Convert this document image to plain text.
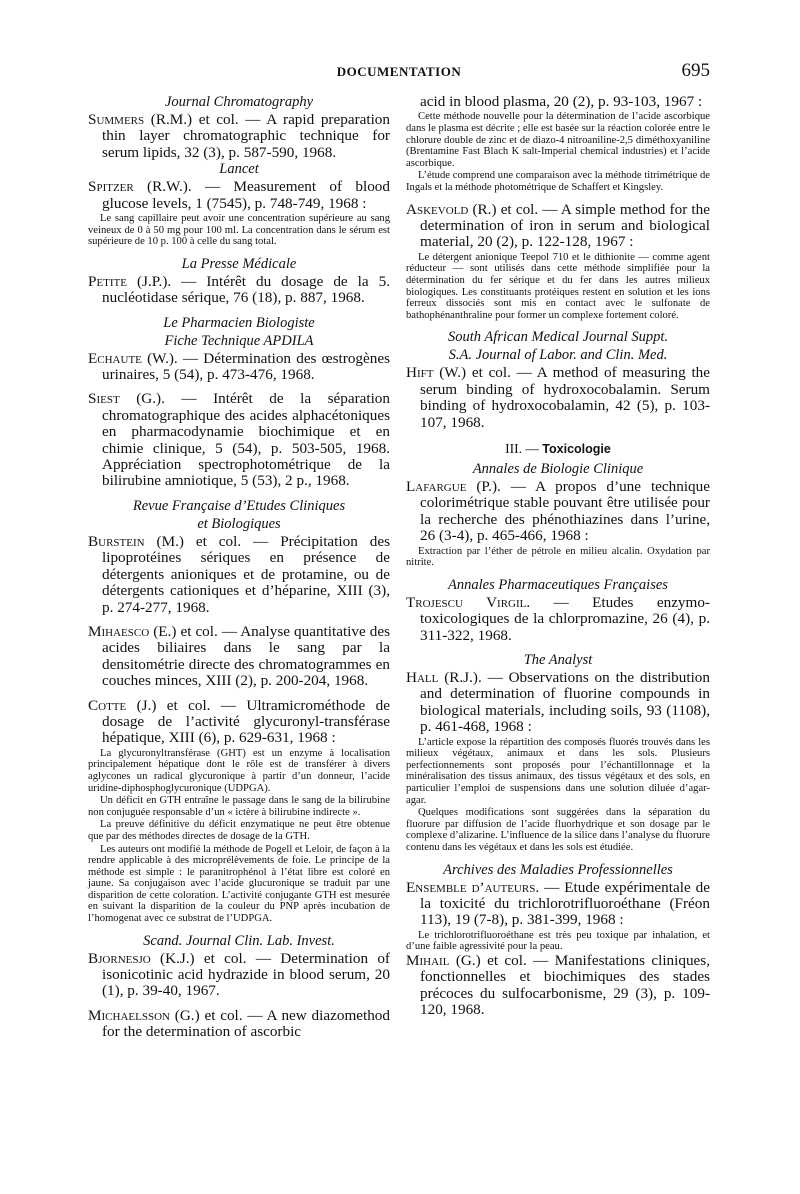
DOCUMENTATION	695
Journal Chromatography

Summers (R.M.) et col. — A rapid preparation thin layer chromatographic technique for serum lipids, 32 (3), p. 587-590, 1968.

Lancet

Spitzer (R.W.). — Measurement of blood glucose levels, 1 (7545), p. 748-749, 1968 :

Le sang capillaire peut avoir une concentration supérieure au sang veineux de 0 à 50 mg pour 100 ml. La concentration dans le sérum est supérieure de 10 p. 100 à celle du sang total.

La Presse Médicale

Petite (J.P.). — Intérêt du dosage de la 5. nucléotidase sérique, 76 (18), p. 887, 1968.

Le Pharmacien Biologiste
Fiche Technique APDILA

Echaute (W.). — Détermination des œstrogènes urinaires, 5 (54), p. 473-476, 1968.

Siest (G.). — Intérêt de la séparation chromatographique des acides alphacétoniques en pharmacodynamie biochimique et en chimie clinique, 5 (54), p. 503-505, 1968. Appréciation spectrophotométrique de la bilirubine amniotique, 5 (53), 2 p., 1968.

Revue Française d’Etudes Cliniques
et Biologiques

Burstein (M.) et col. — Précipitation des lipoprotéines sériques en présence de détergents anioniques et de protamine, ou de détergents cationiques et d’héparine, XIII (3), p. 274-277, 1968.

Mihaesco (E.) et col. — Analyse quantitative des acides biliaires dans le sang par la densitométrie directe des chromatogrammes en couches minces, XIII (2), p. 200-204, 1968.

Cotte (J.) et col. — Ultramicrométhode de dosage de l’activité glycuronyl-transférase hépatique, XIII (6), p. 629-631, 1968 :

La glycuronyltransférase (GHT) est un enzyme à localisation principalement hépatique dont le rôle est de transférer à divers aglycones un radical glycuronique à partir d’un donneur, l’acide uridine-diphosphoglycuronique (UDPGA).

Un déficit en GTH entraîne le passage dans le sang de la bilirubine non conjuguée responsable d’un « ictère à bilirubine indirecte ».

La preuve définitive du déficit enzymatique ne peut être obtenue que par des méthodes directes de dosage de la GTH.

Les auteurs ont modifié la méthode de Pogell et Leloir, de façon à la rendre applicable à des microprélèvements de foie. Le principe de la méthode est simple : le paranitrophénol à l’état libre est coloré en jaune. Sa conjugaison avec l’acide glucuronique se traduit par une disparition de cette coloration. L’activité conjugante GTH est mesurée en suivant la disparition de la couleur du PNP après incubation de l’homogenat avec ce substrat de l’UDPGA.

Scand. Journal Clin. Lab. Invest.

Bjornesjo (K.J.) et col. — Determination of isonicotinic acid hydrazide in blood serum, 20 (1), p. 39-40, 1967.

Michaelsson (G.) et col. — A new diazomethod for the determination of ascorbic

acid in blood plasma, 20 (2), p. 93-103, 1967 :

Cette méthode nouvelle pour la détermination de l’acide ascorbique dans le plasma est décrite ; elle est basée sur la réaction colorée entre le chlorure double de zinc et de diazo-4 nitroaniline-2,5 diméthoxyaniline (Brentamine Fast Blach K salt-Imperial chemical industries) et l’acide ascorbique.

L’étude comprend une comparaison avec la méthode titrimétrique de Ingals et la méthode photométrique de Schaffert et Kingsley.

Askevold (R.) et col. — A simple method for the determination of iron in serum and biological material, 20 (2), p. 122-128, 1967 :

Le détergent anionique Teepol 710 et le dithionite — comme agent réducteur — sont utilisés dans cette méthode simplifiée pour la détermination du fer sérique et du fer dans les autres milieux biologiques. Les constituants protéiques restent en solution et les ions ferreux dissociés sont mis en contact avec le sulfonate de bathophénanthraline pour former un complexe fortement coloré.

South African Medical Journal Suppt.
S.A. Journal of Labor. and Clin. Med.

Hift (W.) et col. — A method of measuring the serum binding of hydroxocobalamin. Serum binding of hydroxocobalamin, 42 (5), p. 103-107, 1968.

III. — Toxicologie
Annales de Biologie Clinique

Lafargue (P.). — A propos d’une technique colorimétrique stable pouvant être utilisée pour la recherche des phénothiazines dans l’urine, 26 (3-4), p. 465-466, 1968 :

Extraction par l’éther de pétrole en milieu alcalin. Oxydation par nitrite.

Annales Pharmaceutiques Françaises

Trojescu Virgil. — Etudes enzymo-toxicologiques de la chlorpromazine, 26 (4), p. 311-322, 1968.

The Analyst

Hall (R.J.). — Observations on the distribution and determination of fluorine compounds in biological materials, including soils, 93 (1108), p. 461-468, 1968 :

L’article expose la répartition des composés fluorés trouvés dans les milieux végétaux, animaux et dans les sols. Plusieurs perfectionnements sont proposés pour l’échantillonnage et la minéralisation des tissus animaux, des tissus végétaux et des sols, en particulier l’emploi de suspensions dans une solution diluée d’agar-agar.

Quelques modifications sont suggérées dans la séparation du fluorure par diffusion de l’acide fluorhydrique et son dosage par le complexe d’alizarine. L’influence de la silice dans l’analyse du fluorure contenu dans les végétaux et dans les sols est étudiée.

Archives des Maladies Professionnelles

Ensemble d’auteurs. — Etude expérimentale de la toxicité du trichlorotrifluoroéthane (Fréon 113), 19 (7-8), p. 381-399, 1968 :

Le trichlorotrifluoroéthane est très peu toxique par inhalation, et d’une faible agressivité pour la peau.

Mihail (G.) et col. — Manifestations cliniques, fonctionnelles et biochimiques des stades précoces du sulfocarbonisme, 29 (3), p. 109-120, 1968.
